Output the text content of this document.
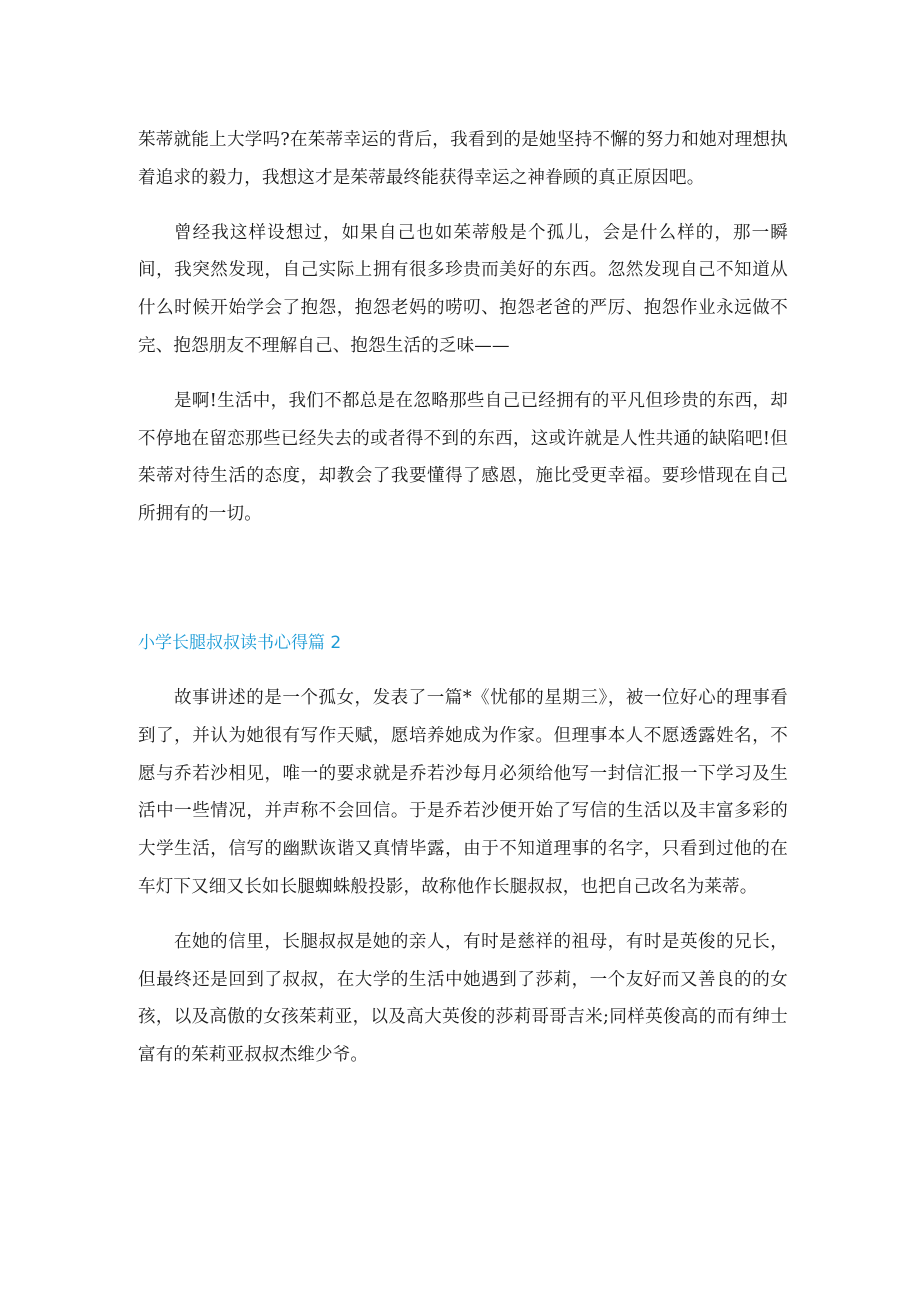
茱蒂就能上大学吗?在茱蒂幸运的背后，我看到的是她坚持不懈的努力和她对理想执着追求的毅力，我想这才是茱蒂最终能获得幸运之神眷顾的真正原因吧。

曾经我这样设想过，如果自己也如茱蒂般是个孤儿，会是什么样的，那一瞬间，我突然发现，自己实际上拥有很多珍贵而美好的东西。忽然发现自己不知道从什么时候开始学会了抱怨，抱怨老妈的唠叨、抱怨老爸的严厉、抱怨作业永远做不完、抱怨朋友不理解自己、抱怨生活的乏味——

是啊!生活中，我们不都总是在忽略那些自己已经拥有的平凡但珍贵的东西，却不停地在留恋那些已经失去的或者得不到的东西，这或许就是人性共通的缺陷吧!但茱蒂对待生活的态度，却教会了我要懂得了感恩，施比受更幸福。要珍惜现在自己所拥有的一切。

小学长腿叔叔读书心得篇 2

故事讲述的是一个孤女，发表了一篇*《忧郁的星期三》，被一位好心的理事看到了，并认为她很有写作天赋，愿培养她成为作家。但理事本人不愿透露姓名，不愿与乔若沙相见，唯一的要求就是乔若沙每月必须给他写一封信汇报一下学习及生活中一些情况，并声称不会回信。于是乔若沙便开始了写信的生活以及丰富多彩的大学生活，信写的幽默诙谐又真情毕露，由于不知道理事的名字，只看到过他的在车灯下又细又长如长腿蜘蛛般投影，故称他作长腿叔叔，也把自己改名为莱蒂。

在她的信里，长腿叔叔是她的亲人，有时是慈祥的祖母，有时是英俊的兄长，但最终还是回到了叔叔，在大学的生活中她遇到了莎莉，一个友好而又善良的的女孩，以及高傲的女孩茱莉亚，以及高大英俊的莎莉哥哥吉米;同样英俊高的而有绅士富有的茱莉亚叔叔杰维少爷。
